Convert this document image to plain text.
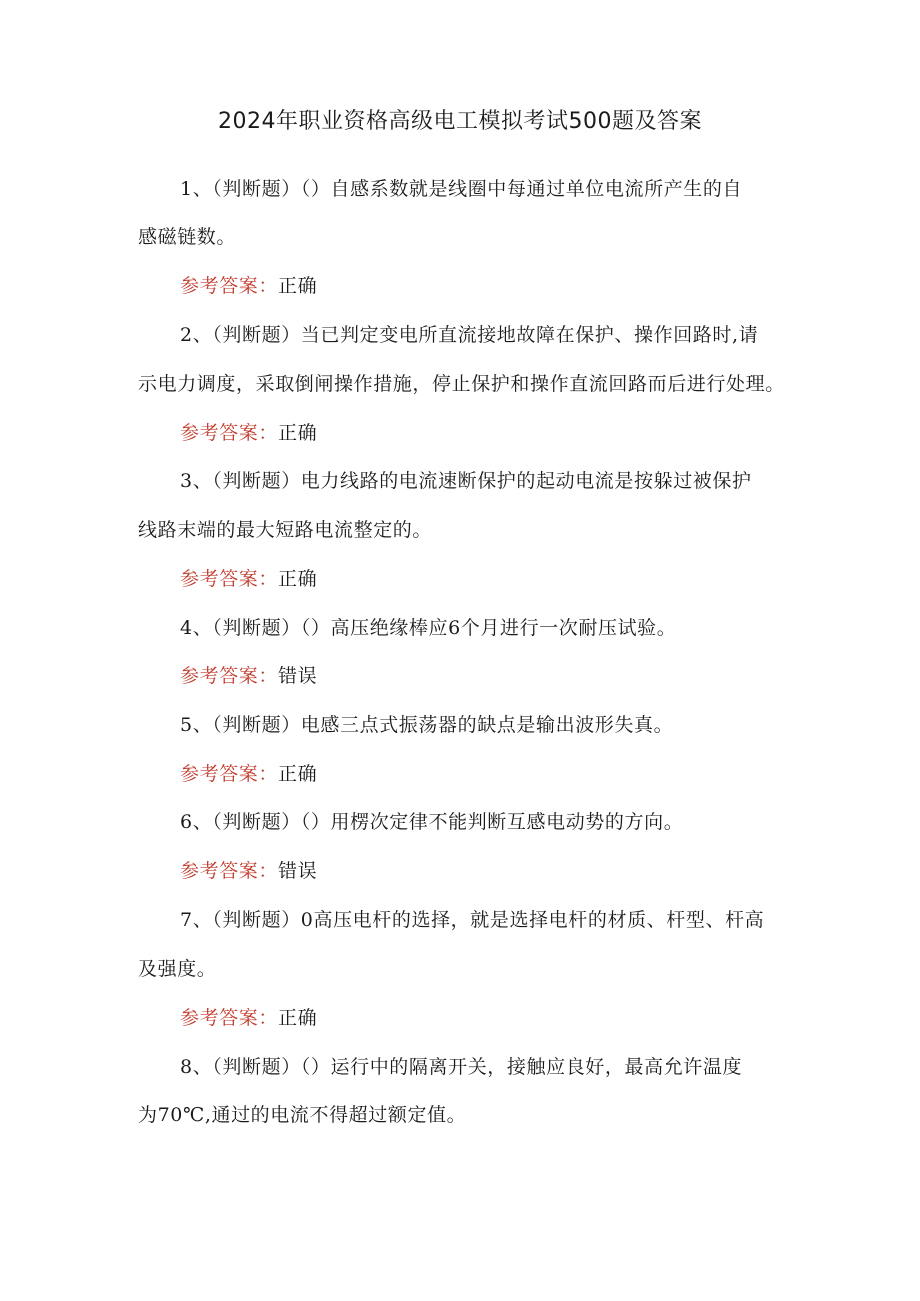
2024年职业资格高级电工模拟考试500题及答案
1、（判断题）（）自感系数就是线圈中每通过单位电流所产生的自
感磁链数。
参考答案：正确
2、（判断题）当已判定变电所直流接地故障在保护、操作回路时,请
示电力调度，采取倒闸操作措施，停止保护和操作直流回路而后进行处理。
参考答案：正确
3、（判断题）电力线路的电流速断保护的起动电流是按躲过被保护
线路末端的最大短路电流整定的。
参考答案：正确
4、（判断题）（）高压绝缘棒应6个月进行一次耐压试验。
参考答案：错误
5、（判断题）电感三点式振荡器的缺点是输出波形失真。
参考答案：正确
6、（判断题）（）用楞次定律不能判断互感电动势的方向。
参考答案：错误
7、（判断题）0高压电杆的选择，就是选择电杆的材质、杆型、杆高
及强度。
参考答案：正确
8、（判断题）（）运行中的隔离开关，接触应良好，最高允许温度
为70℃,通过的电流不得超过额定值。
